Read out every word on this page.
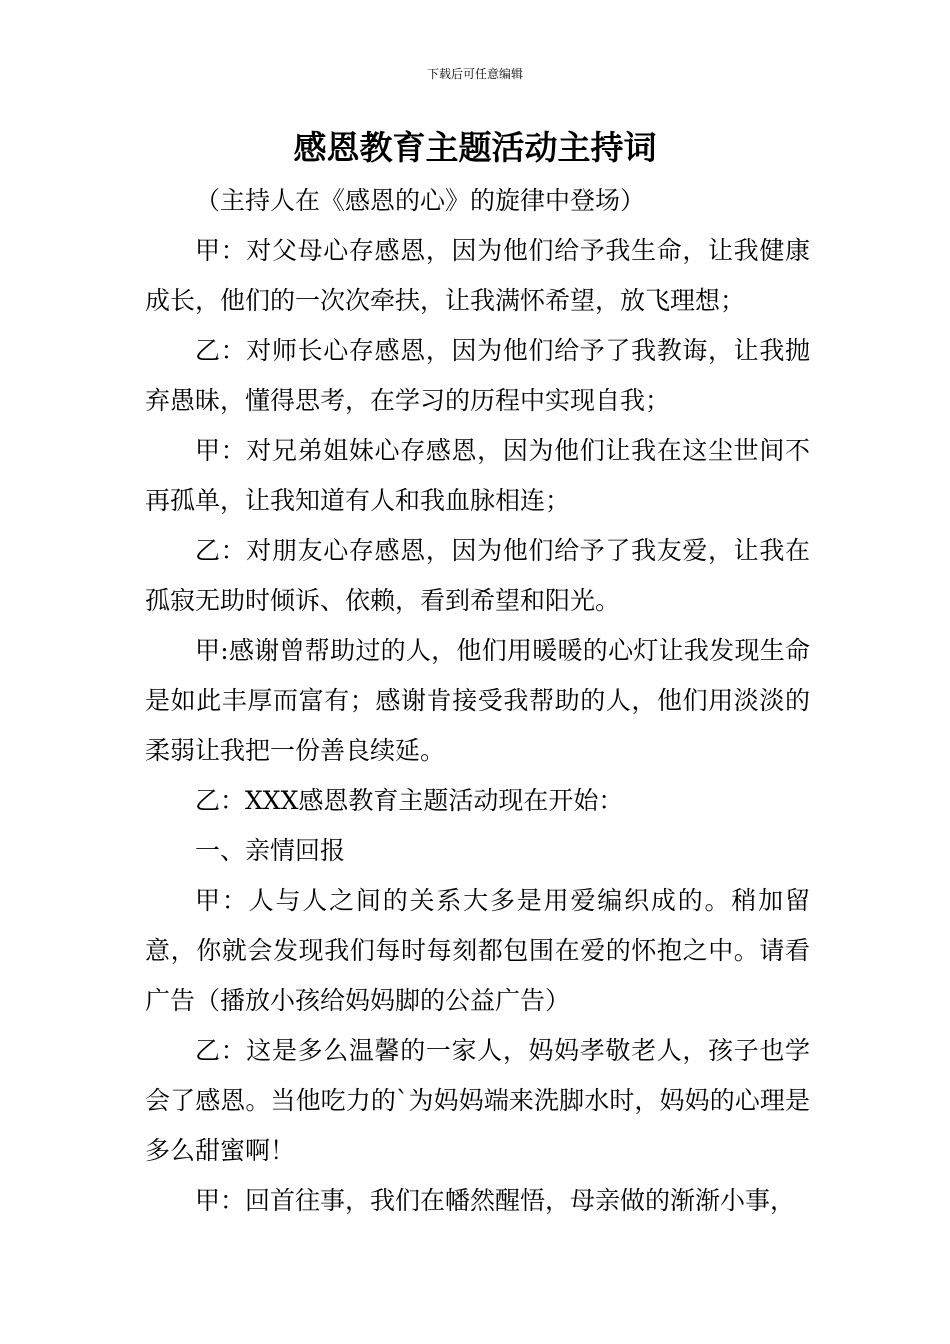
下载后可任意编辑
感恩教育主题活动主持词

（主持人在《感恩的心》的旋律中登场）

甲：对父母心存感恩，因为他们给予我生命，让我健康成长，他们的一次次牵扶，让我满怀希望，放飞理想；

乙：对师长心存感恩，因为他们给予了我教诲，让我抛弃愚昧，懂得思考，在学习的历程中实现自我；

甲：对兄弟姐妹心存感恩，因为他们让我在这尘世间不再孤单，让我知道有人和我血脉相连；

乙：对朋友心存感恩，因为他们给予了我友爱，让我在孤寂无助时倾诉、依赖，看到希望和阳光。

甲:感谢曾帮助过的人，他们用暖暖的心灯让我发现生命是如此丰厚而富有；感谢肯接受我帮助的人，他们用淡淡的柔弱让我把一份善良续延。

乙：XXX感恩教育主题活动现在开始：

一、亲情回报

甲：人与人之间的关系大多是用爱编织成的。稍加留意，你就会发现我们每时每刻都包围在爱的怀抱之中。请看广告（播放小孩给妈妈脚的公益广告）

乙：这是多么温馨的一家人，妈妈孝敬老人，孩子也学会了感恩。当他吃力的`为妈妈端来洗脚水时，妈妈的心理是多么甜蜜啊！

甲：回首往事，我们在幡然醒悟，母亲做的渐渐小事，
